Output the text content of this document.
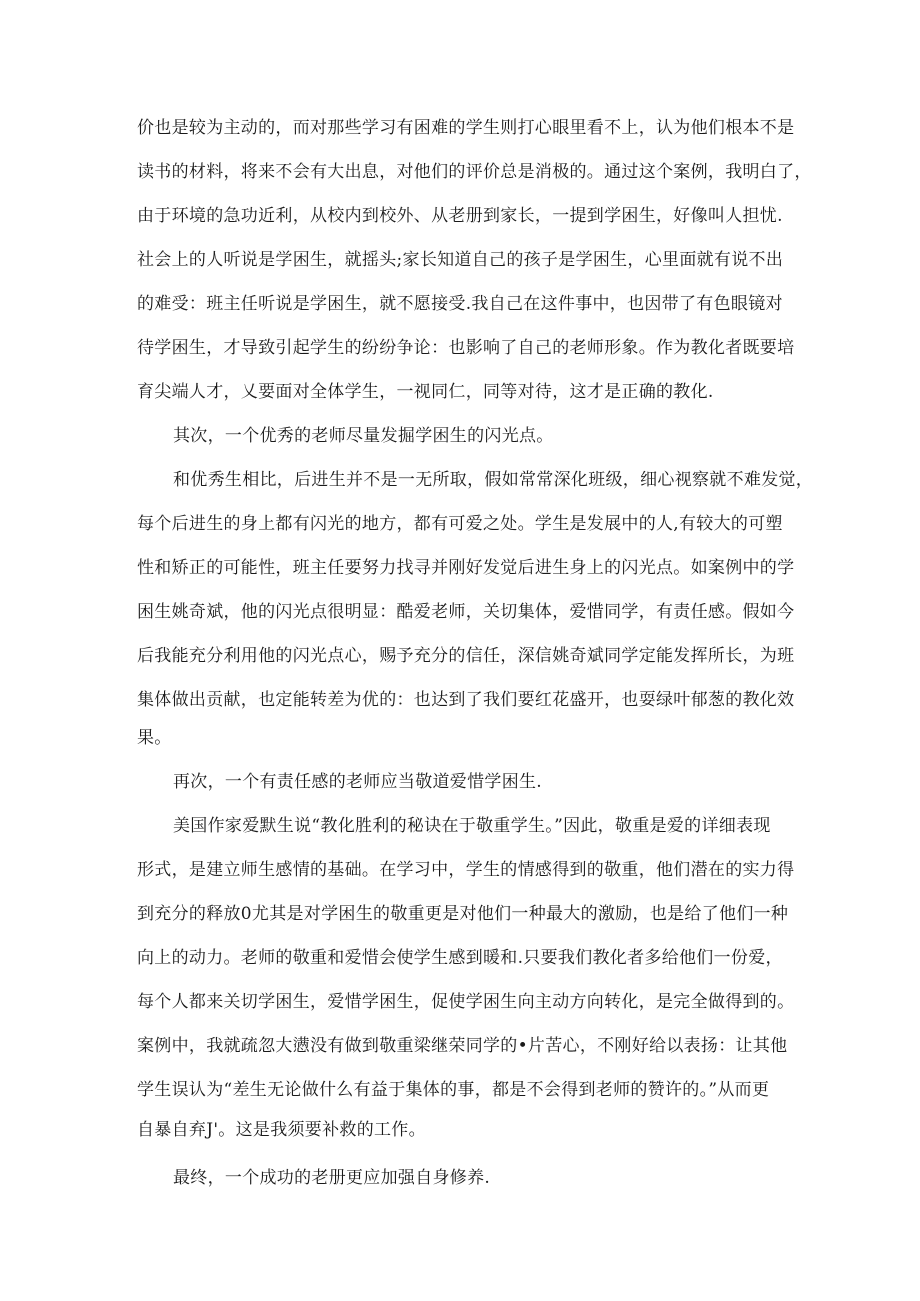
价也是较为主动的，而对那些学习有困难的学生则打心眼里看不上，认为他们根本不是
读书的材料，将来不会有大出息，对他们的评价总是消极的。通过这个案例，我明白了，
由于环境的急功近利，从校内到校外、从老册到家长，一提到学困生，好像叫人担忧.
社会上的人听说是学困生，就摇头;家长知道自己的孩子是学困生，心里面就有说不出
的难受：班主任听说是学困生，就不愿接受.我自己在这件事中，也因带了有色眼镜对
待学困生，才导致引起学生的纷纷争论：也影响了自己的老师形象。作为教化者既要培
育尖端人才，乂要面对全体学生，一视同仁，同等对待，这才是正确的教化.
其次，一个优秀的老师尽量发掘学困生的闪光点。
和优秀生相比，后进生并不是一无所取，假如常常深化班级，细心视察就不难发觉，
每个后进生的身上都有闪光的地方，都有可爱之处。学生是发展中的人,有较大的可塑
性和矫正的可能性，班主任要努力找寻并刚好发觉后进生身上的闪光点。如案例中的学
困生姚奇斌，他的闪光点很明显：酷爱老师，关切集体，爱惜同学，有责任感。假如今
后我能充分利用他的闪光点心，赐予充分的信任，深信姚奇斌同学定能发挥所长，为班
集体做出贡献，也定能转差为优的：也达到了我们要红花盛开，也耍绿叶郁葱的教化效
果。
再次，一个有责任感的老师应当敬道爱惜学困生.
美国作家爱默生说“教化胜利的秘诀在于敬重学生。”因此，敬重是爱的详细表现
形式，是建立师生感情的基础。在学习中，学生的情感得到的敬重，他们潜在的实力得
到充分的释放0尤其是对学困生的敬重更是对他们一种最大的激励，也是给了他们一种
向上的动力。老师的敬重和爱惜会使学生感到暖和.只要我们教化者多给他们一份爱，
每个人都来关切学困生，爱惜学困生，促使学困生向主动方向转化，是完全做得到的。
案例中，我就疏忽大懑没有做到敬重梁继荣同学的•片苦心，不刚好给以表扬：让其他
学生误认为“差生无论做什么有益于集体的事，都是不会得到老师的赞许的。”从而更
自暴自弃J'。这是我须要补救的工作。
最终，一个成功的老册更应加强自身修养.
